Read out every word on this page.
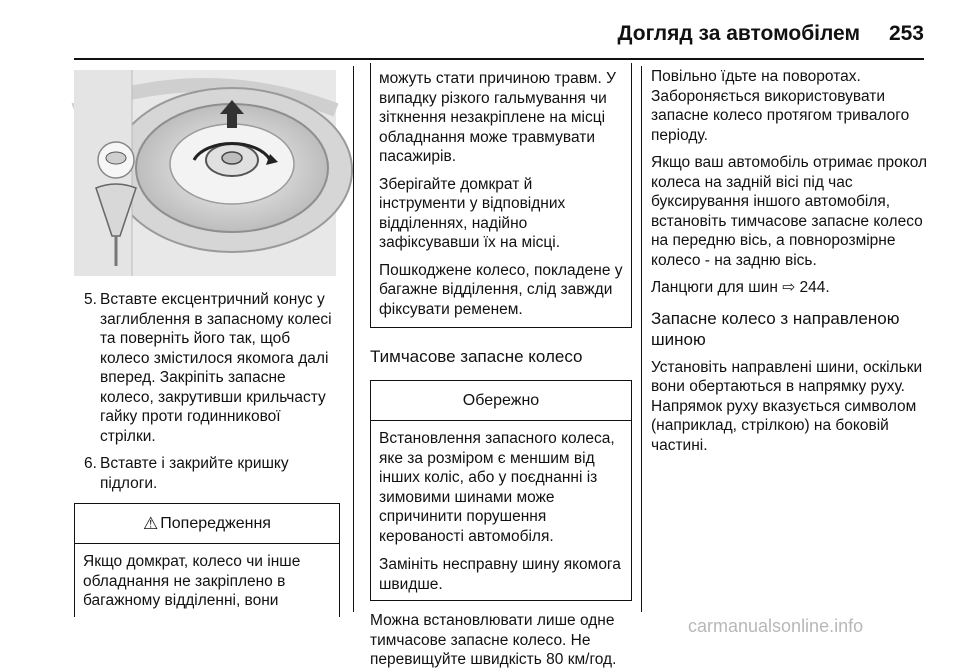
Догляд за автомобілем 253
5. Вставте ексцентричний конус у заглиблення в запасному колесі та поверніть його так, щоб колесо змістилося якомога далі вперед. Закріпіть запасне колесо, закрутивши крильчасту гайку проти годинникової стрілки.
6. Вставте і закрийте кришку підлоги.
⚠ Попередження

Якщо домкрат, колесо чи інше обладнання не закріплено в багажному відділенні, вони

можуть стати причиною травм. У випадку різкого гальмування чи зіткнення незакріплене на місці обладнання може травмувати пасажирів.

Зберігайте домкрат й інструменти у відповідних відділеннях, надійно зафіксувавши їх на місці.

Пошкоджене колесо, покладене у багажне відділення, слід завжди фіксувати ременем.

Тимчасове запасне колесо
Обережно

Встановлення запасного колеса, яке за розміром є меншим від інших коліс, або у поєднанні із зимовими шинами може спричинити порушення керованості автомобіля.

Замініть несправну шину якомога швидше.

Можна встановлювати лише одне тимчасове запасне колесо. Не перевищуйте швидкість 80 км/год.

Повільно їдьте на поворотах. Забороняється використовувати запасне колесо протягом тривалого періоду.

Якщо ваш автомобіль отримає прокол колеса на задній вісі під час буксирування іншого автомобіля, встановіть тимчасове запасне колесо на передню вісь, а повнорозмірне колесо - на задню вісь.

Ланцюги для шин ⇨ 244.

Запасне колесо з направленою шиною

Установіть направлені шини, оскільки вони обертаються в напрямку руху. Напрямок руху вказується символом (наприклад, стрілкою) на боковій частині.

carmanualsonline.info
